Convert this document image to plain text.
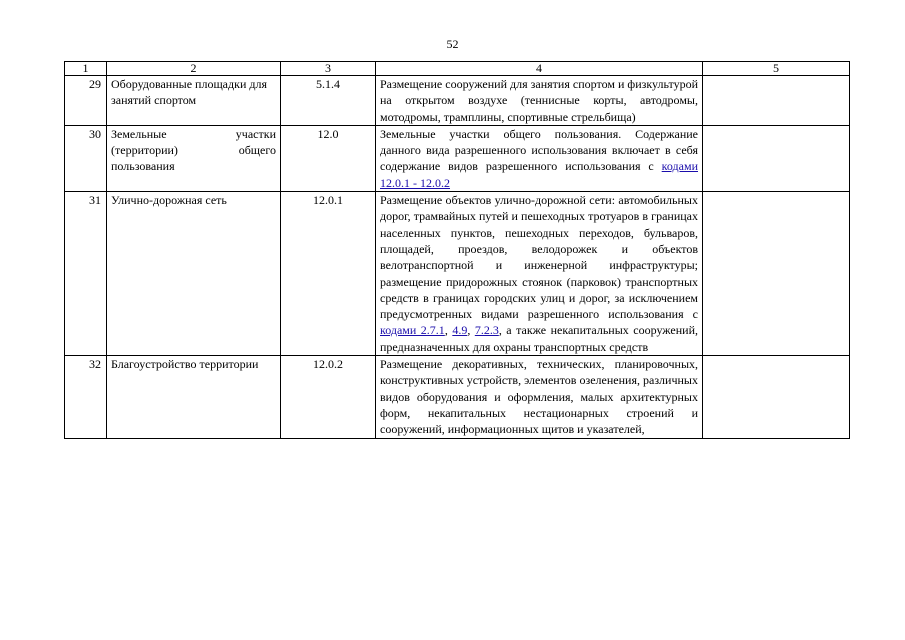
52
1	2	3	4	5
29	Оборудованные площадки для занятий спортом	5.1.4	Размещение сооружений для занятия спортом и физкультурой на открытом воздухе (теннисные корты, автодромы, мотодромы, трамплины, спортивные стрельбища)	
30	Земельные участки (территории) общего пользования	12.0	Земельные участки общего пользования. Содержание данного вида разрешенного использования включает в себя содержание видов разрешенного использования с кодами 12.0.1 - 12.0.2	
31	Улично-дорожная сеть	12.0.1	Размещение объектов улично-дорожной сети: автомобильных дорог, трамвайных путей и пешеходных тротуаров в границах населенных пунктов, пешеходных переходов, бульваров, площадей, проездов, велодорожек и объектов велотранспортной и инженерной инфраструктуры; размещение придорожных стоянок (парковок) транспортных средств в границах городских улиц и дорог, за исключением предусмотренных видами разрешенного использования с кодами 2.7.1, 4.9, 7.2.3, а также некапитальных сооружений, предназначенных для охраны транспортных средств	
32	Благоустройство территории	12.0.2	Размещение декоративных, технических, планировочных, конструктивных устройств, элементов озеленения, различных видов оборудования и оформления, малых архитектурных форм, некапитальных нестационарных строений и сооружений, информационных щитов и указателей,	
